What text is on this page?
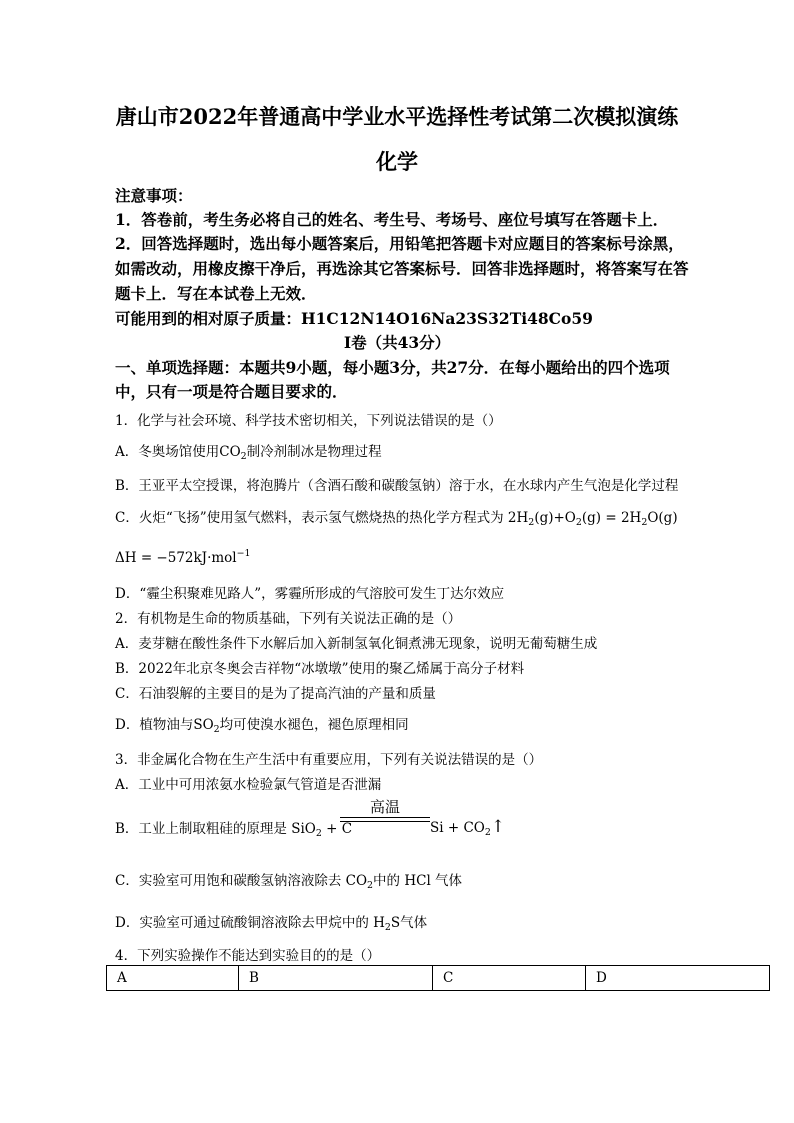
唐山市2022年普通高中学业水平选择性考试第二次模拟演练
化学
注意事项：
1．答卷前，考生务必将自己的姓名、考生号、考场号、座位号填写在答题卡上．
2．回答选择题时，选出每小题答案后，用铅笔把答题卡对应题目的答案标号涂黑，
如需改动，用橡皮擦干净后，再选涂其它答案标号．回答非选择题时，将答案写在答
题卡上．写在本试卷上无效．
可能用到的相对原子质量：H1C12N14O16Na23S32Ti48Co59
Ⅰ卷（共43分）
一、单项选择题：本题共9小题，每小题3分，共27分．在每小题给出的四个选项
中，只有一项是符合题目要求的．
1．化学与社会环境、科学技术密切相关，下列说法错误的是（）
A．冬奥场馆使用$CO_2$制冷剂制冰是物理过程
B．王亚平太空授课，将泡腾片（含酒石酸和碳酸氢钠）溶于水，在水球内产生气泡是化学过程
C．火炬“飞扬”使用氢气燃料，表示氢气燃烧热的热化学方程式为 $2H_2(g)+O_2(g) = 2H_2O(g)$
ΔH = −572kJ·mol$^{-1}$
D．“霾尘积聚难见路人”，雾霾所形成的气溶胶可发生丁达尔效应
2．有机物是生命的物质基础，下列有关说法正确的是（）
A．麦芽糖在酸性条件下水解后加入新制氢氧化铜煮沸无现象，说明无葡萄糖生成
B．2022年北京冬奥会吉祥物“冰墩墩”使用的聚乙烯属于高分子材料
C．石油裂解的主要目的是为了提高汽油的产量和质量
D．植物油与$SO_2$均可使溴水褪色，褪色原理相同
3．非金属化合物在生产生活中有重要应用，下列有关说法错误的是（）
A．工业中可用浓氨水检验氯气管道是否泄漏
B．工业上制取粗硅的原理是 SiO$_2$ + C
高温
$Si + CO_2↑$
C．实验室可用饱和碳酸氢钠溶液除去 $CO_2$中的 HCl 气体
D．实验室可通过硫酸铜溶液除去甲烷中的 $H_2S$气体
4．下列实验操作不能达到实验目的的是（）
A	B	C	D
